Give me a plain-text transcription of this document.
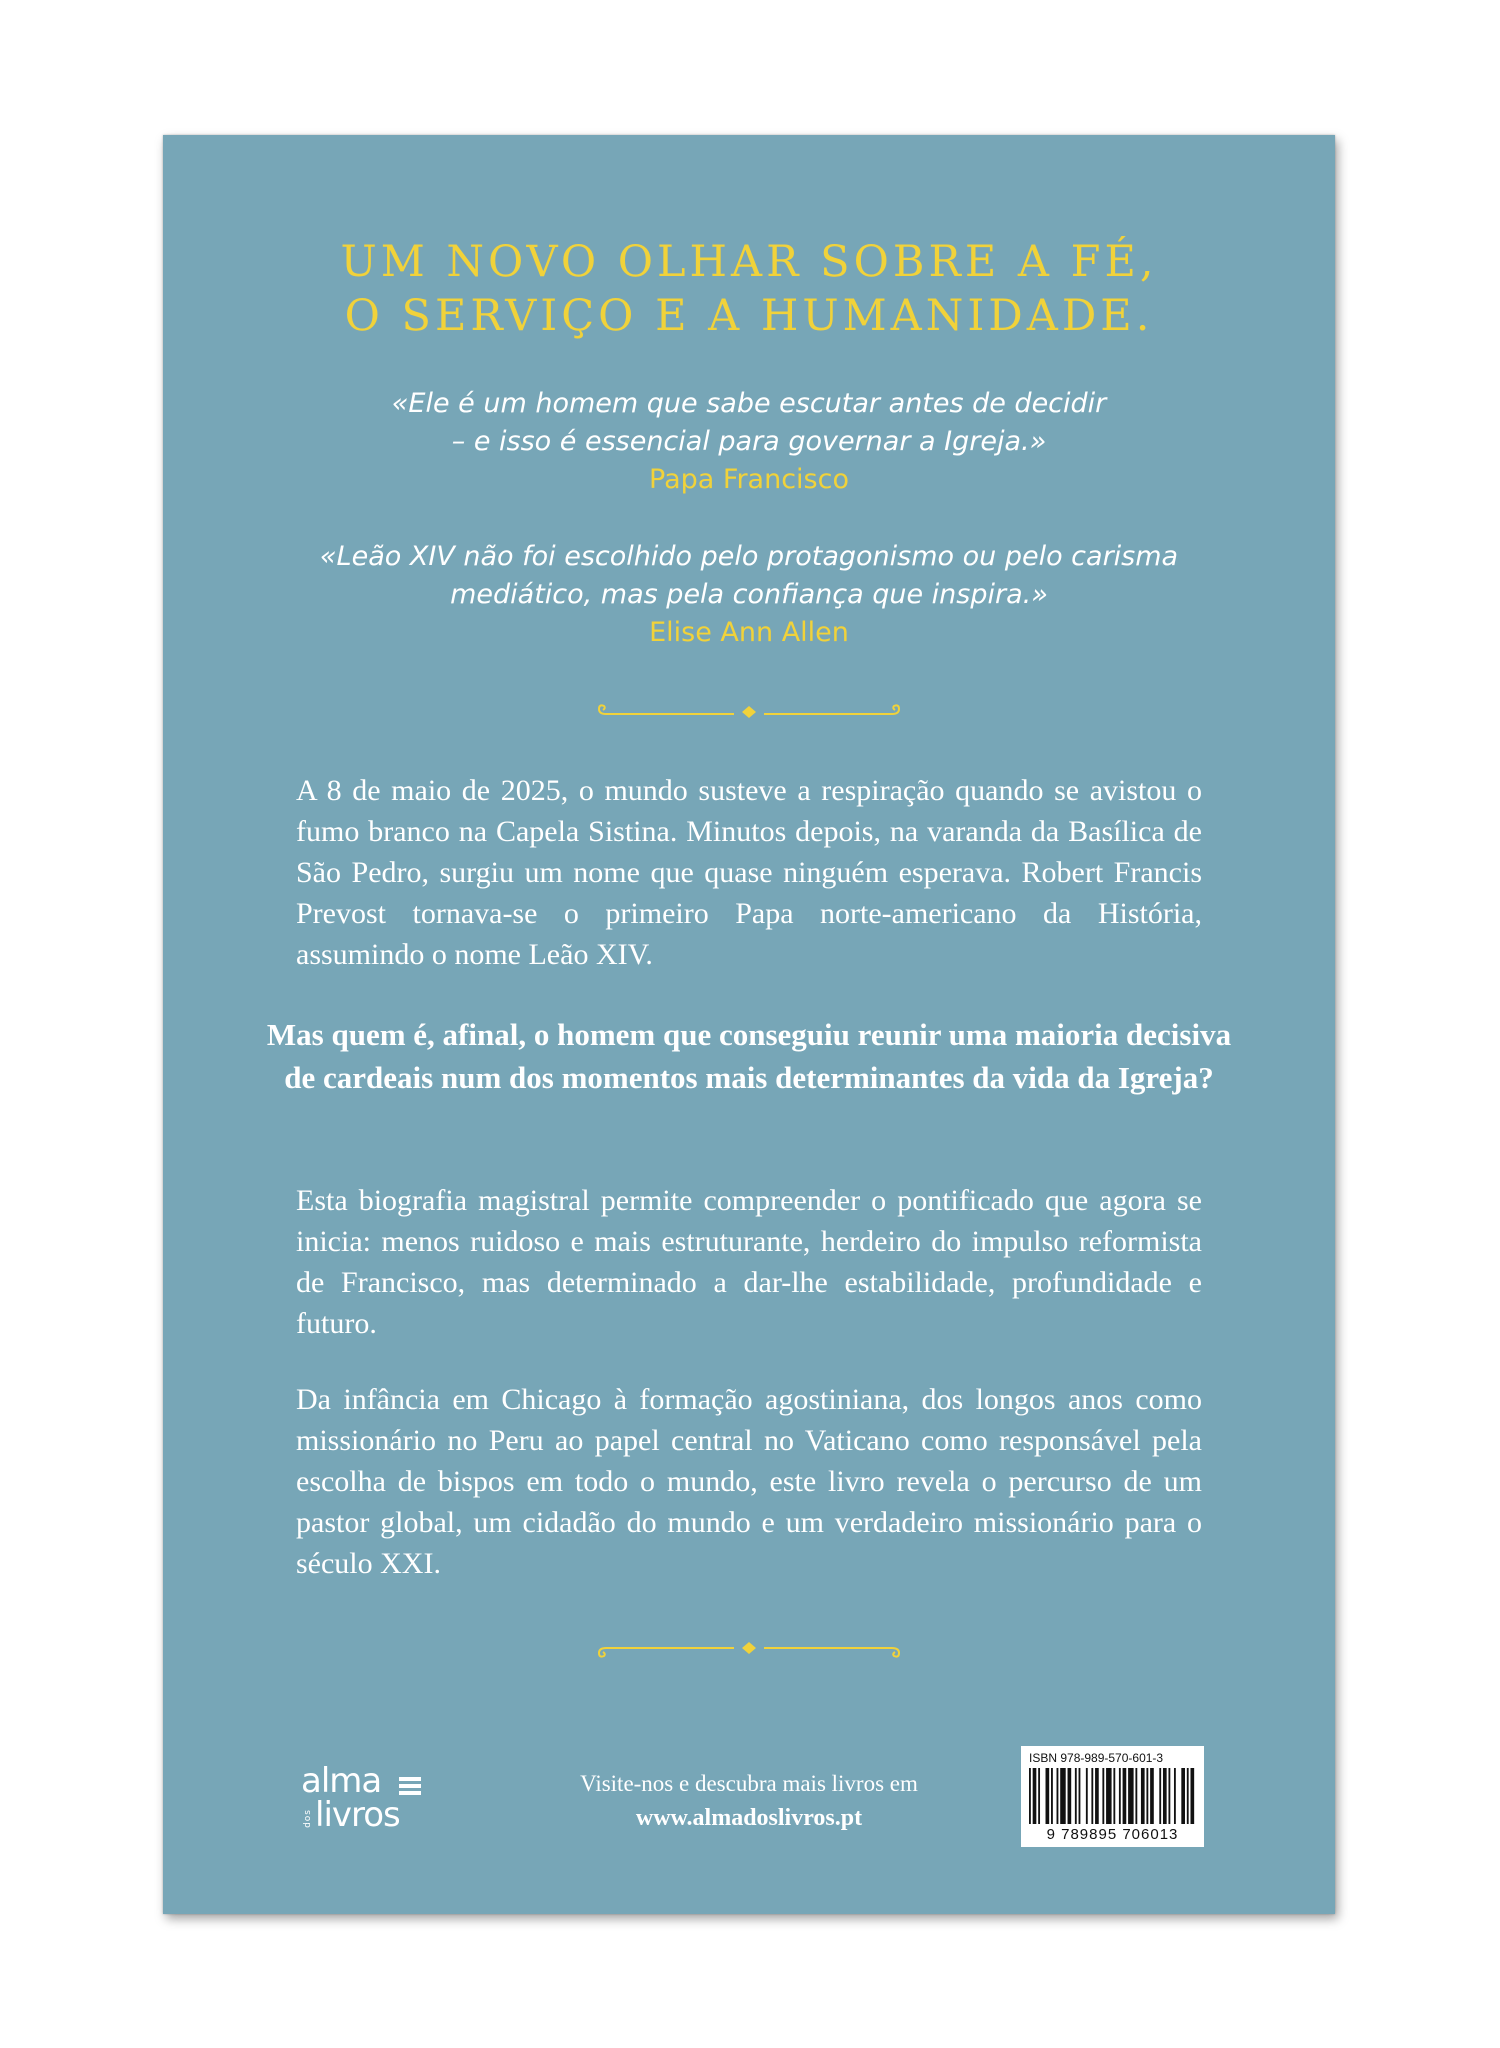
UM NOVO OLHAR SOBRE A FÉ,
O SERVIÇO E A HUMANIDADE.
«Ele é um homem que sabe escutar antes de decidir
– e isso é essencial para governar a Igreja.»
Papa Francisco
«Leão XIV não foi escolhido pelo protagonismo ou pelo carisma
mediático, mas pela confiança que inspira.»
Elise Ann Allen
A 8 de maio de 2025, o mundo susteve a respiração quando se avistou o fumo branco na Capela Sistina. Minutos depois, na varanda da Basílica de São Pedro, surgiu um nome que quase ninguém esperava. Robert Francis Prevost tornava-se o primeiro Papa norte-americano da História, assumindo o nome Leão XIV.
Mas quem é, afinal, o homem que conseguiu reunir uma maioria decisiva de cardeais num dos momentos mais determinantes da vida da Igreja?
Esta biografia magistral permite compreender o pontificado que agora se inicia: menos ruidoso e mais estruturante, herdeiro do impulso reformista de Francisco, mas determinado a dar-lhe estabilidade, profundidade e futuro.
Da infância em Chicago à formação agostiniana, dos longos anos como missionário no Peru ao papel central no Vaticano como responsável pela escolha de bispos em todo o mundo, este livro revela o percurso de um pastor global, um cidadão do mundo e um verdadeiro missionário para o século XXI.
alma
dos livros
Visite-nos e descubra mais livros em
www.almadoslivros.pt
ISBN 978-989-570-601-3
9 789895 706013
